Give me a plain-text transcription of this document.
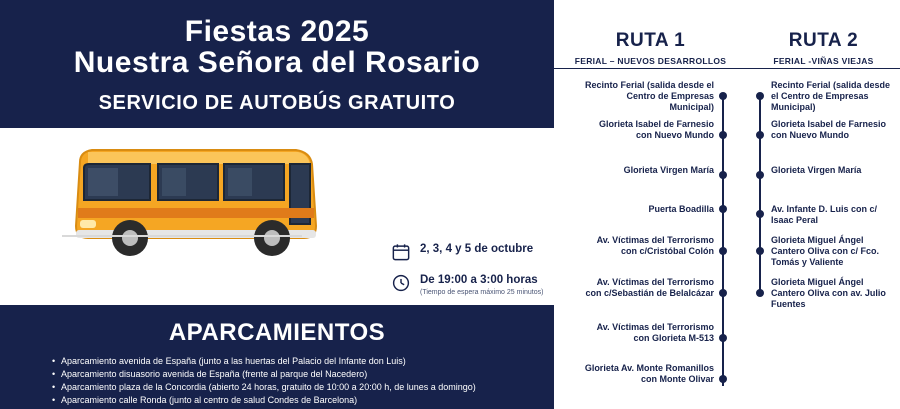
Fiestas 2025
Nuestra Señora del Rosario
SERVICIO DE AUTOBÚS GRATUITO
2, 3, 4 y 5 de octubre
De 19:00 a 3:00 horas
(Tiempo de espera máximo 25 minutos)
APARCAMIENTOS
• Aparcamiento avenida de España (junto a las huertas del Palacio del Infante don Luis)
• Aparcamiento disuasorio avenida de España (frente al parque del Nacedero)
• Aparcamiento plaza de la Concordia (abierto 24 horas, gratuito de 10:00 a 20:00 h, de lunes a domingo)
• Aparcamiento calle Ronda (junto al centro de salud Condes de Barcelona)
RUTA 1
FERIAL – NUEVOS DESARROLLOS
Recinto Ferial (salida desde el Centro de Empresas Municipal)
Glorieta Isabel de Farnesio con Nuevo Mundo
Glorieta Virgen María
Puerta Boadilla
Av. Víctimas del Terrorismo con c/Cristóbal Colón
Av. Víctimas del Terrorismo con c/Sebastián de Belalcázar
Av. Víctimas del Terrorismo con Glorieta M-513
Glorieta Av. Monte Romanillos con Monte Olivar
RUTA 2
FERIAL -VIÑAS VIEJAS
Recinto Ferial (salida desde el Centro de Empresas Municipal)
Glorieta Isabel de Farnesio con Nuevo Mundo
Glorieta Virgen María
Av. Infante D. Luis con c/ Isaac Peral
Glorieta Miguel Ángel Cantero Oliva con c/ Fco. Tomás y Valiente
Glorieta Miguel Ángel Cantero Oliva con av. Julio Fuentes
